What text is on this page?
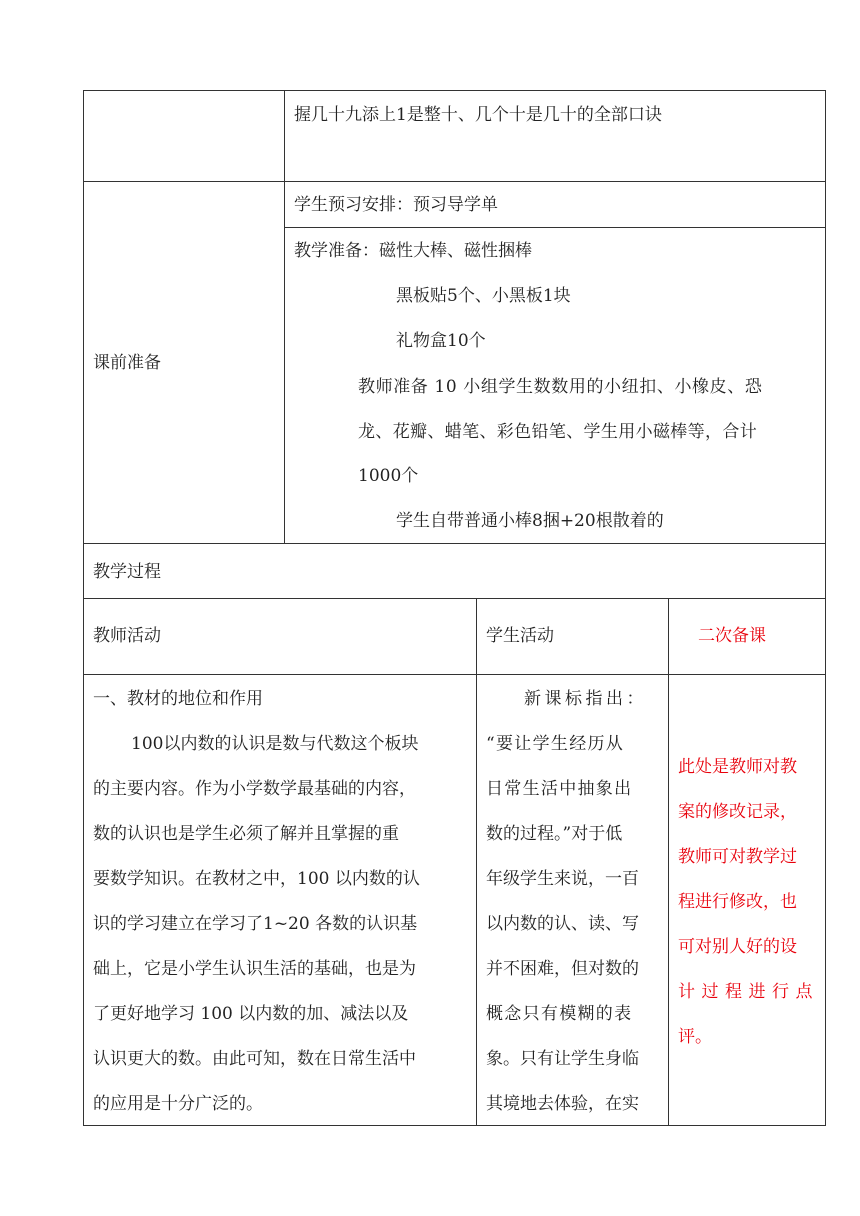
握几十九添上1是整十、几个十是几十的全部口诀
课前准备
学生预习安排：预习导学单
教学准备：磁性大棒、磁性捆棒
黑板贴5个、小黑板1块
礼物盒10个
教师准备 10 小组学生数数用的小纽扣、小橡皮、恐
龙、花瓣、蜡笔、彩色铅笔、学生用小磁棒等，合计
1000个
学生自带普通小棒8捆+20根散着的
教学过程
教师活动	学生活动	二次备课
一、教材的地位和作用
100以内数的认识是数与代数这个板块
的主要内容。作为小学数学最基础的内容，
数的认识也是学生必须了解并且掌握的重
要数学知识。在教材之中，100 以内数的认
识的学习建立在学习了1~20 各数的认识基
础上，它是小学生认识生活的基础，也是为
了更好地学习 100 以内数的加、减法以及
认识更大的数。由此可知，数在日常生活中
的应用是十分广泛的。
新课标指出：
“要让学生经历从
日常生活中抽象出
数的过程。”对于低
年级学生来说，一百
以内数的认、读、写
并不困难，但对数的
概念只有模糊的表
象。只有让学生身临
其境地去体验，在实
此处是教师对教
案的修改记录，
教师可对教学过
程进行修改，也
可对别人好的设
计过程进行点
评。
